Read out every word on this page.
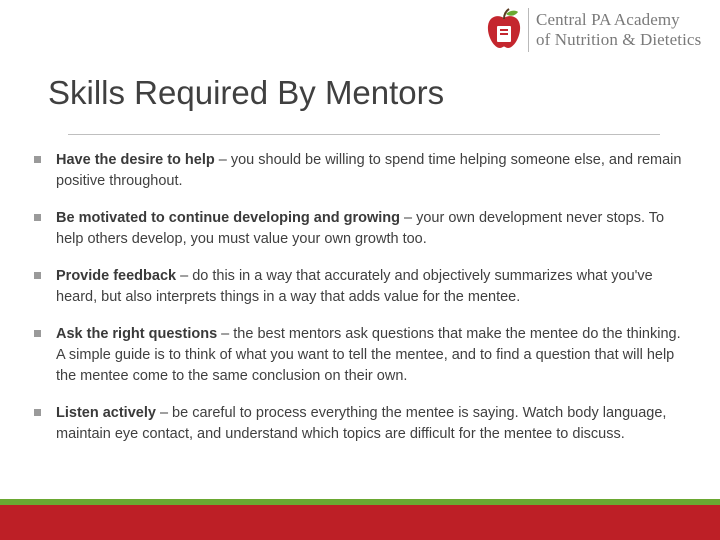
Central PA Academy
of Nutrition & Dietetics
Skills Required By Mentors
Have the desire to help – you should be willing to spend time helping someone else, and remain positive throughout.
Be motivated to continue developing and growing – your own development never stops. To help others develop, you must value your own growth too.
Provide feedback – do this in a way that accurately and objectively summarizes what you've heard, but also interprets things in a way that adds value for the mentee.
Ask the right questions – the best mentors ask questions that make the mentee do the thinking. A simple guide is to think of what you want to tell the mentee, and to find a question that will help the mentee come to the same conclusion on their own.
Listen actively – be careful to process everything the mentee is saying. Watch body language, maintain eye contact, and understand which topics are difficult for the mentee to discuss.
